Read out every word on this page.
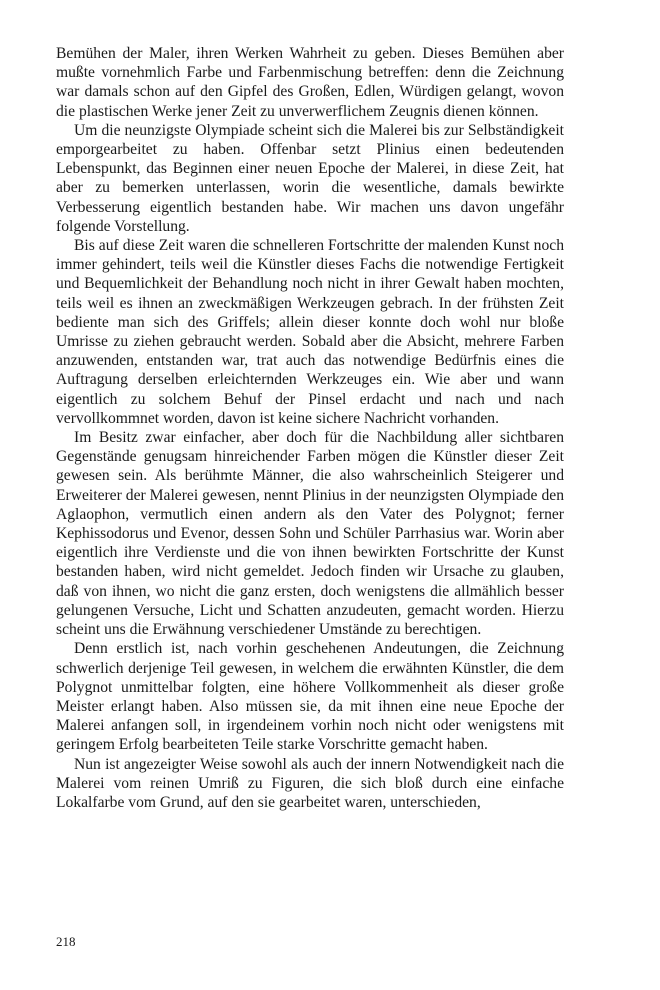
Bemühen der Maler, ihren Werken Wahrheit zu geben. Dieses Bemühen aber mußte vornehmlich Farbe und Farbenmischung betreffen: denn die Zeichnung war damals schon auf den Gipfel des Großen, Edlen, Würdigen gelangt, wovon die plastischen Werke jener Zeit zu unverwerflichem Zeugnis dienen können.

Um die neunzigste Olympiade scheint sich die Malerei bis zur Selbständigkeit emporgearbeitet zu haben. Offenbar setzt Plinius einen bedeutenden Lebenspunkt, das Beginnen einer neuen Epoche der Malerei, in diese Zeit, hat aber zu bemerken unterlassen, worin die wesentliche, damals bewirkte Verbesserung eigentlich bestanden habe. Wir machen uns davon ungefähr folgende Vorstellung.

Bis auf diese Zeit waren die schnelleren Fortschritte der malenden Kunst noch immer gehindert, teils weil die Künstler dieses Fachs die notwendige Fertigkeit und Bequemlichkeit der Behandlung noch nicht in ihrer Gewalt haben mochten, teils weil es ihnen an zweckmäßigen Werkzeugen gebrach. In der frühsten Zeit bediente man sich des Griffels; allein dieser konnte doch wohl nur bloße Umrisse zu ziehen gebraucht werden. Sobald aber die Absicht, mehrere Farben anzuwenden, entstanden war, trat auch das notwendige Bedürfnis eines die Auftragung derselben erleichternden Werkzeuges ein. Wie aber und wann eigentlich zu solchem Behuf der Pinsel erdacht und nach und nach vervollkommnet worden, davon ist keine sichere Nachricht vorhanden.

Im Besitz zwar einfacher, aber doch für die Nachbildung aller sichtbaren Gegenstände genugsam hinreichender Farben mögen die Künstler dieser Zeit gewesen sein. Als berühmte Männer, die also wahrscheinlich Steigerer und Erweiterer der Malerei gewesen, nennt Plinius in der neunzigsten Olympiade den Aglaophon, vermutlich einen andern als den Vater des Polygnot; ferner Kephissodorus und Evenor, dessen Sohn und Schüler Parrhasius war. Worin aber eigentlich ihre Verdienste und die von ihnen bewirkten Fortschritte der Kunst bestanden haben, wird nicht gemeldet. Jedoch finden wir Ursache zu glauben, daß von ihnen, wo nicht die ganz ersten, doch wenigstens die allmählich besser gelungenen Versuche, Licht und Schatten anzudeuten, gemacht worden. Hierzu scheint uns die Erwähnung verschiedener Umstände zu berechtigen.

Denn erstlich ist, nach vorhin geschehenen Andeutungen, die Zeichnung schwerlich derjenige Teil gewesen, in welchem die erwähnten Künstler, die dem Polygnot unmittelbar folgten, eine höhere Vollkommenheit als dieser große Meister erlangt haben. Also müssen sie, da mit ihnen eine neue Epoche der Malerei anfangen soll, in irgendeinem vorhin noch nicht oder wenigstens mit geringem Erfolg bearbeiteten Teile starke Vorschritte gemacht haben.

Nun ist angezeigter Weise sowohl als auch der innern Notwendigkeit nach die Malerei vom reinen Umriß zu Figuren, die sich bloß durch eine einfache Lokalfarbe vom Grund, auf den sie gearbeitet waren, unterschieden,

218
